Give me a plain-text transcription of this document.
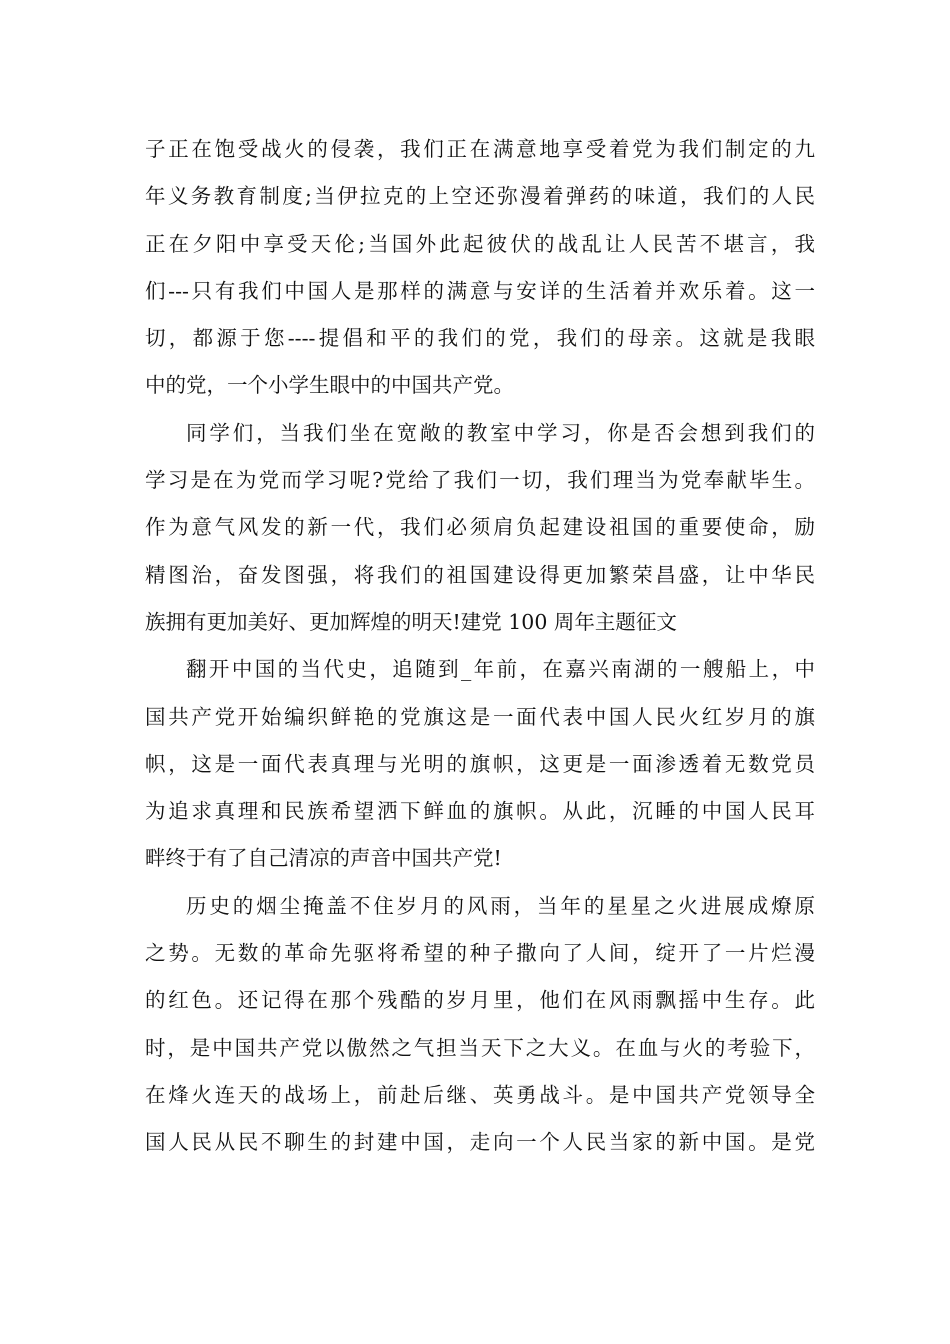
子正在饱受战火的侵袭，我们正在满意地享受着党为我们制定的九
年义务教育制度;当伊拉克的上空还弥漫着弹药的味道，我们的人民
正在夕阳中享受天伦;当国外此起彼伏的战乱让人民苦不堪言，我
们---只有我们中国人是那样的满意与安详的生活着并欢乐着。这一
切，都源于您----提倡和平的我们的党，我们的母亲。这就是我眼
中的党，一个小学生眼中的中国共产党。

同学们，当我们坐在宽敞的教室中学习，你是否会想到我们的
学习是在为党而学习呢?党给了我们一切，我们理当为党奉献毕生。
作为意气风发的新一代，我们必须肩负起建设祖国的重要使命，励
精图治，奋发图强，将我们的祖国建设得更加繁荣昌盛，让中华民
族拥有更加美好、更加辉煌的明天!建党 100 周年主题征文

翻开中国的当代史，追随到_年前，在嘉兴南湖的一艘船上，中
国共产党开始编织鲜艳的党旗这是一面代表中国人民火红岁月的旗
帜，这是一面代表真理与光明的旗帜，这更是一面渗透着无数党员
为追求真理和民族希望洒下鲜血的旗帜。从此，沉睡的中国人民耳
畔终于有了自己清凉的声音中国共产党!

历史的烟尘掩盖不住岁月的风雨，当年的星星之火进展成燎原
之势。无数的革命先驱将希望的种子撒向了人间，绽开了一片烂漫
的红色。还记得在那个残酷的岁月里，他们在风雨飘摇中生存。此
时，是中国共产党以傲然之气担当天下之大义。在血与火的考验下，
在烽火连天的战场上，前赴后继、英勇战斗。是中国共产党领导全
国人民从民不聊生的封建中国，走向一个人民当家的新中国。是党
